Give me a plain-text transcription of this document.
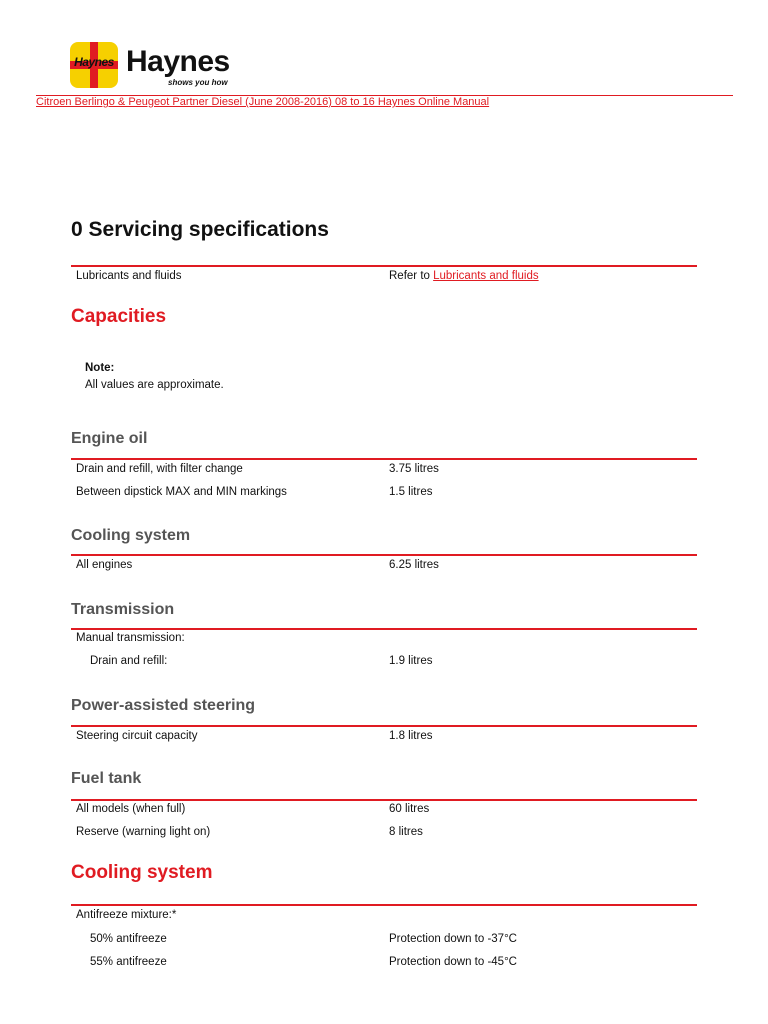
Haynes Haynes
shows you how
Citroen Berlingo & Peugeot Partner Diesel (June 2008-2016) 08 to 16 Haynes Online Manual
0 Servicing specifications
Lubricants and fluids	Refer to Lubricants and fluids
Capacities
Note:
All values are approximate.
Engine oil
Drain and refill, with filter change	3.75 litres
Between dipstick MAX and MIN markings	1.5 litres
Cooling system
All engines	6.25 litres
Transmission
Manual transmission:
Drain and refill:	1.9 litres
Power-assisted steering
Steering circuit capacity	1.8 litres
Fuel tank
All models (when full)	60 litres
Reserve (warning light on)	8 litres
Cooling system
Antifreeze mixture:*
50% antifreeze	Protection down to -37°C
55% antifreeze	Protection down to -45°C
